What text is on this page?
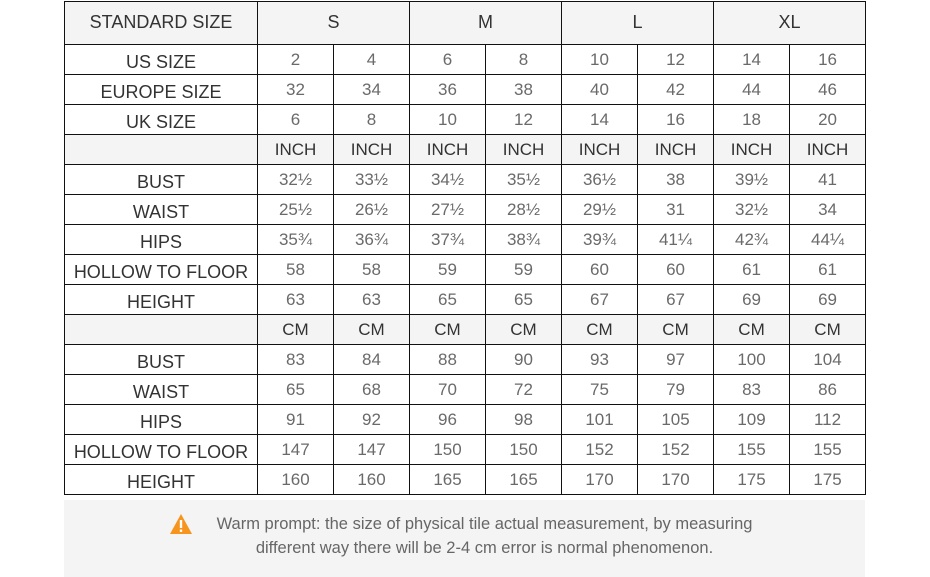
STANDARD SIZE	S		M		L		XL	
US SIZE	2	4	6	8	10	12	14	16
EUROPE SIZE	32	34	36	38	40	42	44	46
UK SIZE	6	8	10	12	14	16	18	20
	INCH	INCH	INCH	INCH	INCH	INCH	INCH	INCH
BUST	32½	33½	34½	35½	36½	38	39½	41
WAIST	25½	26½	27½	28½	29½	31	32½	34
HIPS	35¾	36¾	37¾	38¾	39¾	41¼	42¾	44¼
HOLLOW TO FLOOR	58	58	59	59	60	60	61	61
HEIGHT	63	63	65	65	67	67	69	69
	CM	CM	CM	CM	CM	CM	CM	CM
BUST	83	84	88	90	93	97	100	104
WAIST	65	68	70	72	75	79	83	86
HIPS	91	92	96	98	101	105	109	112
HOLLOW TO FLOOR	147	147	150	150	152	152	155	155
HEIGHT	160	160	165	165	170	170	175	175
Warm prompt: the size of physical tile actual measurement, by measuring
different way there will be 2-4 cm error is normal phenomenon.
